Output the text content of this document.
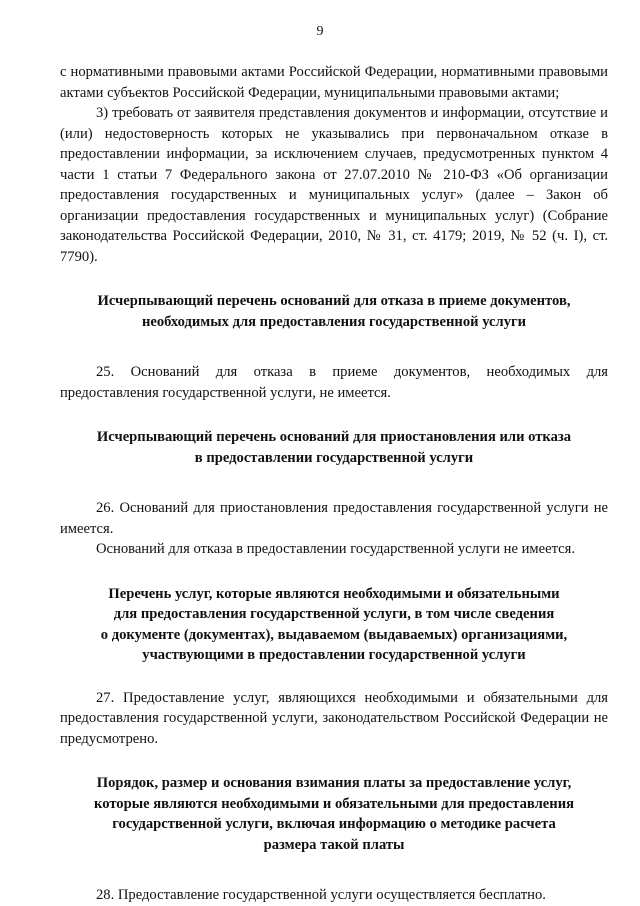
9

с нормативными правовыми актами Российской Федерации, нормативными правовыми актами субъектов Российской Федерации, муниципальными правовыми актами;

3) требовать от заявителя представления документов и информации, отсутствие и (или) недостоверность которых не указывались при первоначальном отказе в предоставлении информации, за исключением случаев, предусмотренных пунктом 4 части 1 статьи 7 Федерального закона от 27.07.2010 № 210-ФЗ «Об организации предоставления государственных и муниципальных услуг» (далее – Закон об организации предоставления государственных и муниципальных услуг) (Собрание законодательства Российской Федерации, 2010, № 31, ст. 4179; 2019, № 52 (ч. I), ст. 7790).

Исчерпывающий перечень оснований для отказа в приеме документов,
необходимых для предоставления государственной услуги

25. Оснований для отказа в приеме документов, необходимых для предоставления государственной услуги, не имеется.

Исчерпывающий перечень оснований для приостановления или отказа
в предоставлении государственной услуги

26. Оснований для приостановления предоставления государственной услуги не имеется.

Оснований для отказа в предоставлении государственной услуги не имеется.

Перечень услуг, которые являются необходимыми и обязательными
для предоставления государственной услуги, в том числе сведения
о документе (документах), выдаваемом (выдаваемых) организациями,
участвующими в предоставлении государственной услуги

27. Предоставление услуг, являющихся необходимыми и обязательными для предоставления государственной услуги, законодательством Российской Федерации не предусмотрено.

Порядок, размер и основания взимания платы за предоставление услуг,
которые являются необходимыми и обязательными для предоставления
государственной услуги, включая информацию о методике расчета
размера такой платы

28. Предоставление государственной услуги осуществляется бесплатно.
